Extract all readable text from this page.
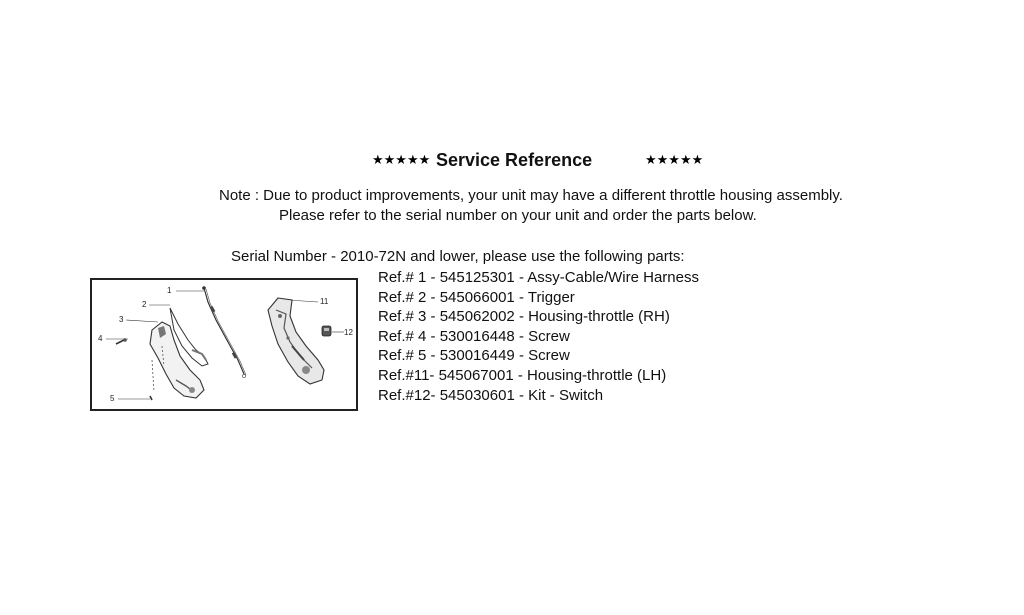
★★★★★ Service Reference	★★★★★
Note : Due to product improvements, your unit may have a different throttle housing assembly.
Please refer to the serial number on your unit and order the parts below.
Serial Number - 2010-72N and lower, please use the following parts:
Ref.# 1 - 545125301 - Assy-Cable/Wire Harness
Ref.# 2 - 545066001 - Trigger
Ref.# 3 - 545062002 - Housing-throttle (RH)
Ref.# 4 - 530016448 - Screw
Ref.# 5 - 530016449 - Screw
Ref.#11- 545067001 - Housing-throttle (LH)
Ref.#12- 545030601 - Kit - Switch
1
2
3
4
5
11
12
